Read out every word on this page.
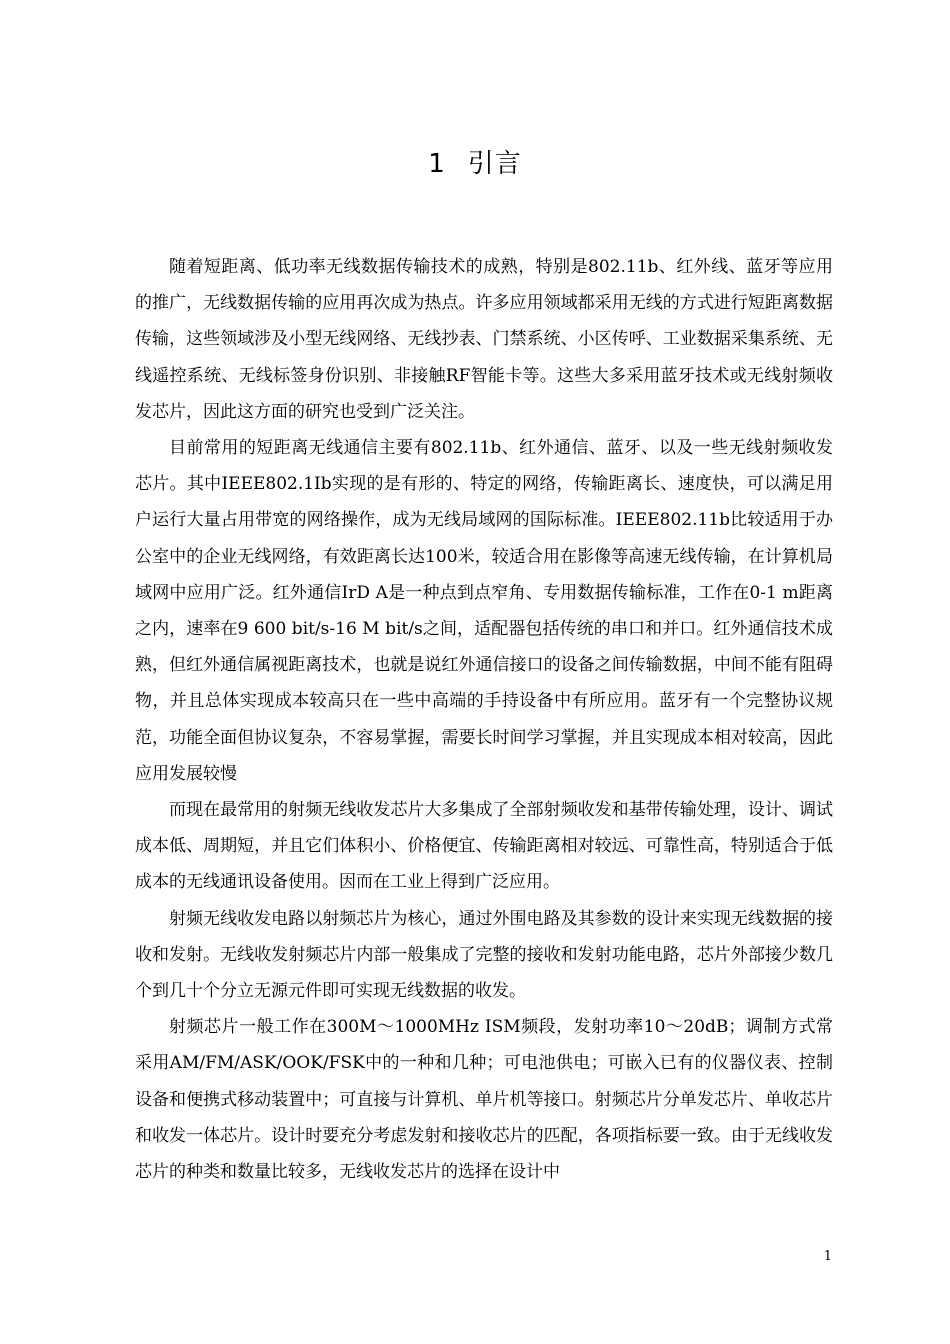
1 引言

随着短距离、低功率无线数据传输技术的成熟，特别是802.11b、红外线、蓝牙等应用的推广，无线数据传输的应用再次成为热点。许多应用领域都采用无线的方式进行短距离数据传输，这些领域涉及小型无线网络、无线抄表、门禁系统、小区传呼、工业数据采集系统、无线遥控系统、无线标签身份识别、非接触RF智能卡等。这些大多采用蓝牙技术或无线射频收发芯片，因此这方面的研究也受到广泛关注。

目前常用的短距离无线通信主要有802.11b、红外通信、蓝牙、以及一些无线射频收发芯片。其中IEEE802.1Ib实现的是有形的、特定的网络，传输距离长、速度快，可以满足用户运行大量占用带宽的网络操作，成为无线局域网的国际标准。IEEE802.11b比较适用于办公室中的企业无线网络，有效距离长达100米，较适合用在影像等高速无线传输，在计算机局域网中应用广泛。红外通信IrD A是一种点到点窄角、专用数据传输标准，工作在0-1 m距离之内，速率在9 600 bit/s-16 M bit/s之间，适配器包括传统的串口和并口。红外通信技术成熟，但红外通信属视距离技术，也就是说红外通信接口的设备之间传输数据，中间不能有阻碍物，并且总体实现成本较高只在一些中高端的手持设备中有所应用。蓝牙有一个完整协议规范，功能全面但协议复杂，不容易掌握，需要长时间学习掌握，并且实现成本相对较高，因此应用发展较慢

而现在最常用的射频无线收发芯片大多集成了全部射频收发和基带传输处理，设计、调试成本低、周期短，并且它们体积小、价格便宜、传输距离相对较远、可靠性高，特别适合于低成本的无线通讯设备使用。因而在工业上得到广泛应用。

射频无线收发电路以射频芯片为核心，通过外围电路及其参数的设计来实现无线数据的接收和发射。无线收发射频芯片内部一般集成了完整的接收和发射功能电路，芯片外部接少数几个到几十个分立无源元件即可实现无线数据的收发。

射频芯片一般工作在300M～1000MHz ISM频段，发射功率10～20dB；调制方式常采用AM/FM/ASK/OOK/FSK中的一种和几种；可电池供电；可嵌入已有的仪器仪表、控制设备和便携式移动装置中；可直接与计算机、单片机等接口。射频芯片分单发芯片、单收芯片和收发一体芯片。设计时要充分考虑发射和接收芯片的匹配，各项指标要一致。由于无线收发芯片的种类和数量比较多，无线收发芯片的选择在设计中

1
